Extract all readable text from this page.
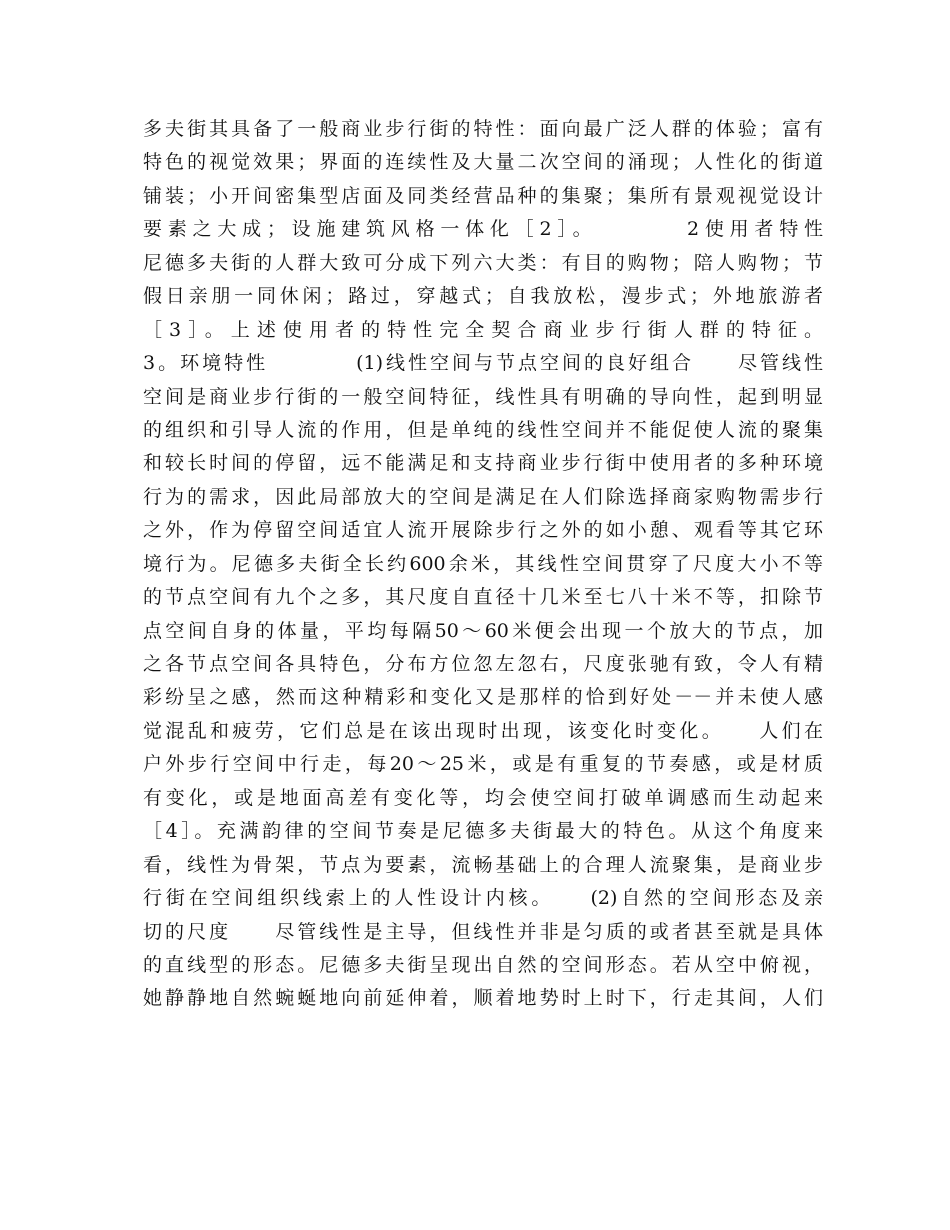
多夫街其具备了一般商业步行街的特性：面向最广泛人群的体验；富有
特色的视觉效果；界面的连续性及大量二次空间的涌现；人性化的街道
铺装；小开间密集型店面及同类经营品种的集聚；集所有景观视觉设计
要素之大成；设施建筑风格一体化［2］。　　　　2使用者特性
尼德多夫街的人群大致可分成下列六大类：有目的购物；陪人购物；节
假日亲朋一同休闲；路过，穿越式；自我放松，漫步式；外地旅游者
［3］。上述使用者的特性完全契合商业步行街人群的特征。
3。环境特性　　　　(1)线性空间与节点空间的良好组合　　尽管线性
空间是商业步行街的一般空间特征，线性具有明确的导向性，起到明显
的组织和引导人流的作用，但是单纯的线性空间并不能促使人流的聚集
和较长时间的停留，远不能满足和支持商业步行街中使用者的多种环境
行为的需求，因此局部放大的空间是满足在人们除选择商家购物需步行
之外，作为停留空间适宜人流开展除步行之外的如小憩、观看等其它环
境行为。尼德多夫街全长约600余米，其线性空间贯穿了尺度大小不等
的节点空间有九个之多，其尺度自直径十几米至七八十米不等，扣除节
点空间自身的体量，平均每隔50～60米便会出现一个放大的节点，加
之各节点空间各具特色，分布方位忽左忽右，尺度张驰有致，令人有精
彩纷呈之感，然而这种精彩和变化又是那样的恰到好处－－并未使人感
觉混乱和疲劳，它们总是在该出现时出现，该变化时变化。　　人们在
户外步行空间中行走，每20～25米，或是有重复的节奏感，或是材质
有变化，或是地面高差有变化等，均会使空间打破单调感而生动起来
［4］。充满韵律的空间节奏是尼德多夫街最大的特色。从这个角度来
看，线性为骨架，节点为要素，流畅基础上的合理人流聚集，是商业步
行街在空间组织线索上的人性设计内核。　　(2)自然的空间形态及亲
切的尺度　　尽管线性是主导，但线性并非是匀质的或者甚至就是具体
的直线型的形态。尼德多夫街呈现出自然的空间形态。若从空中俯视，
她静静地自然蜿蜒地向前延伸着，顺着地势时上时下，行走其间，人们
